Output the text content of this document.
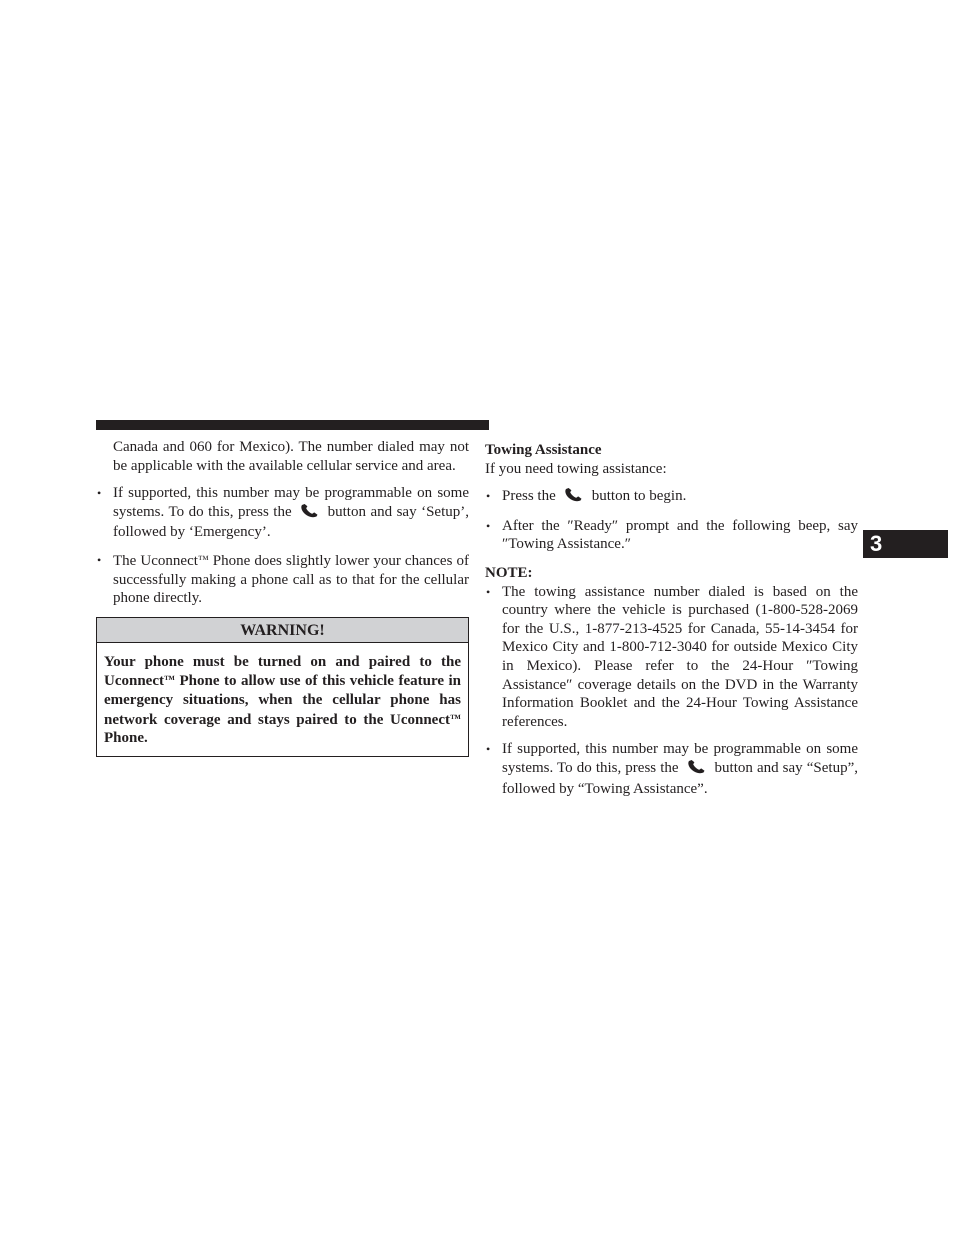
Canada and 060 for Mexico). The number dialed may not be applicable with the available cellular service and area.

• If supported, this number may be programmable on some systems. To do this, press the button and say ‘Setup’, followed by ‘Emergency’.
• The Uconnect™ Phone does slightly lower your chances of successfully making a phone call as to that for the cellular phone directly.
WARNING!
Your phone must be turned on and paired to the Uconnect™ Phone to allow use of this vehicle feature in emergency situations, when the cellular phone has network coverage and stays paired to the Uconnect™ Phone.

Towing Assistance

If you need towing assistance:

• Press the button to begin.
• After the ″Ready″ prompt and the following beep, say ″Towing Assistance.″

NOTE:

• The towing assistance number dialed is based on the country where the vehicle is purchased (1-800-528-2069 for the U.S., 1-877-213-4525 for Canada, 55-14-3454 for Mexico City and 1-800-712-3040 for outside Mexico City in Mexico). Please refer to the 24-Hour ″Towing Assistance″ coverage details on the DVD in the Warranty Information Booklet and the 24-Hour Towing Assistance references.
• If supported, this number may be programmable on some systems. To do this, press the button and say “Setup”, followed by “Towing Assistance”.
3
